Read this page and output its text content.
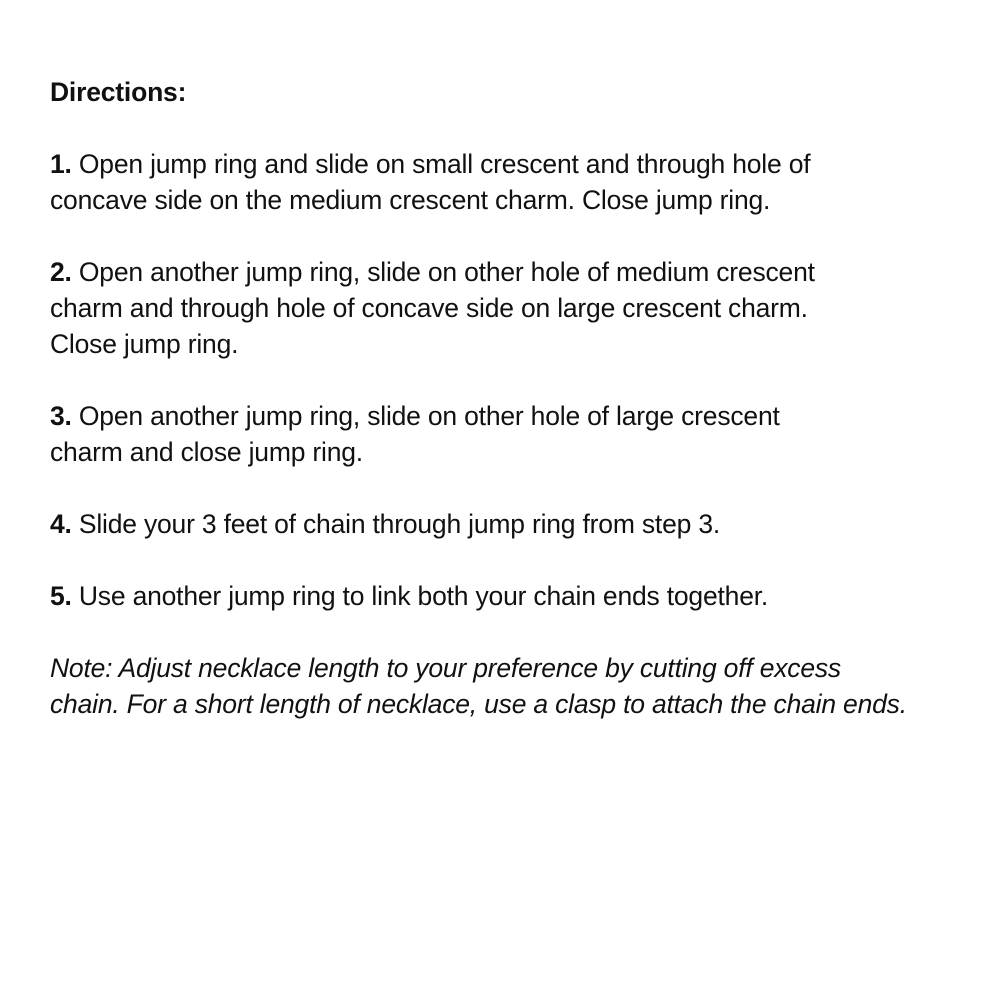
Directions:
1. Open jump ring and slide on small crescent and through hole of
concave side on the medium crescent charm. Close jump ring.
2. Open another jump ring, slide on other hole of medium crescent
charm and through hole of concave side on large crescent charm.
Close jump ring.
3. Open another jump ring, slide on other hole of large crescent
charm and close jump ring.
4. Slide your 3 feet of chain through jump ring from step 3.
5. Use another jump ring to link both your chain ends together.
Note: Adjust necklace length to your preference by cutting off excess
chain. For a short length of necklace, use a clasp to attach the chain ends.
